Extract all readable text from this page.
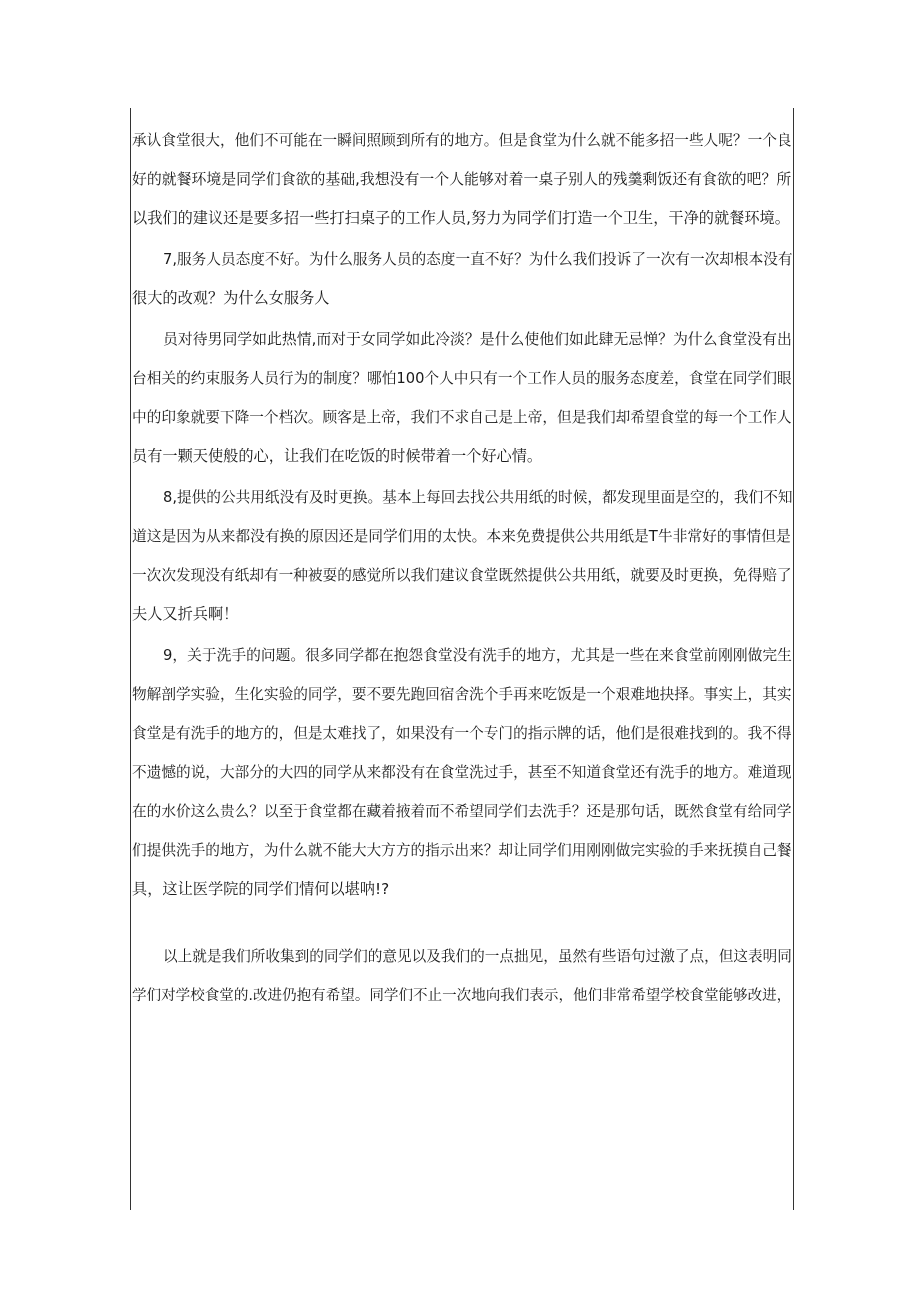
承认食堂很大，他们不可能在一瞬间照顾到所有的地方。但是食堂为什么就不能多招一些人呢？一个良
好的就餐环境是同学们食欲的基础,我想没有一个人能够对着一桌子别人的残羹剩饭还有食欲的吧？所
以我们的建议还是要多招一些打扫桌子的工作人员,努力为同学们打造一个卫生，干净的就餐环境。

7,服务人员态度不好。为什么服务人员的态度一直不好？为什么我们投诉了一次有一次却根本没有
很大的改观？为什么女服务人

员对待男同学如此热情,而对于女同学如此冷淡？是什么使他们如此肆无忌惮？为什么食堂没有出
台相关的约束服务人员行为的制度？哪怕100个人中只有一个工作人员的服务态度差，食堂在同学们眼
中的印象就要下降一个档次。顾客是上帝，我们不求自己是上帝，但是我们却希望食堂的每一个工作人
员有一颗天使般的心，让我们在吃饭的时候带着一个好心情。

8,提供的公共用纸没有及时更换。基本上每回去找公共用纸的时候，都发现里面是空的，我们不知
道这是因为从来都没有换的原因还是同学们用的太快。本来免费提供公共用纸是T牛非常好的事情但是
一次次发现没有纸却有一种被耍的感觉所以我们建议食堂既然提供公共用纸，就要及时更换，免得赔了
夫人又折兵啊！

9，关于洗手的问题。很多同学都在抱怨食堂没有洗手的地方，尤其是一些在来食堂前刚刚做完生
物解剖学实验，生化实验的同学，要不要先跑回宿舍洗个手再来吃饭是一个艰难地抉择。事实上，其实
食堂是有洗手的地方的，但是太难找了，如果没有一个专门的指示牌的话，他们是很难找到的。我不得
不遗憾的说，大部分的大四的同学从来都没有在食堂洗过手，甚至不知道食堂还有洗手的地方。难道现
在的水价这么贵么？以至于食堂都在藏着掖着而不希望同学们去洗手？还是那句话，既然食堂有给同学
们提供洗手的地方，为什么就不能大大方方的指示出来？却让同学们用刚刚做完实验的手来抚摸自己餐
具，这让医学院的同学们情何以堪呐!?

以上就是我们所收集到的同学们的意见以及我们的一点拙见，虽然有些语句过激了点，但这表明同
学们对学校食堂的.改进仍抱有希望。同学们不止一次地向我们表示，他们非常希望学校食堂能够改进，
